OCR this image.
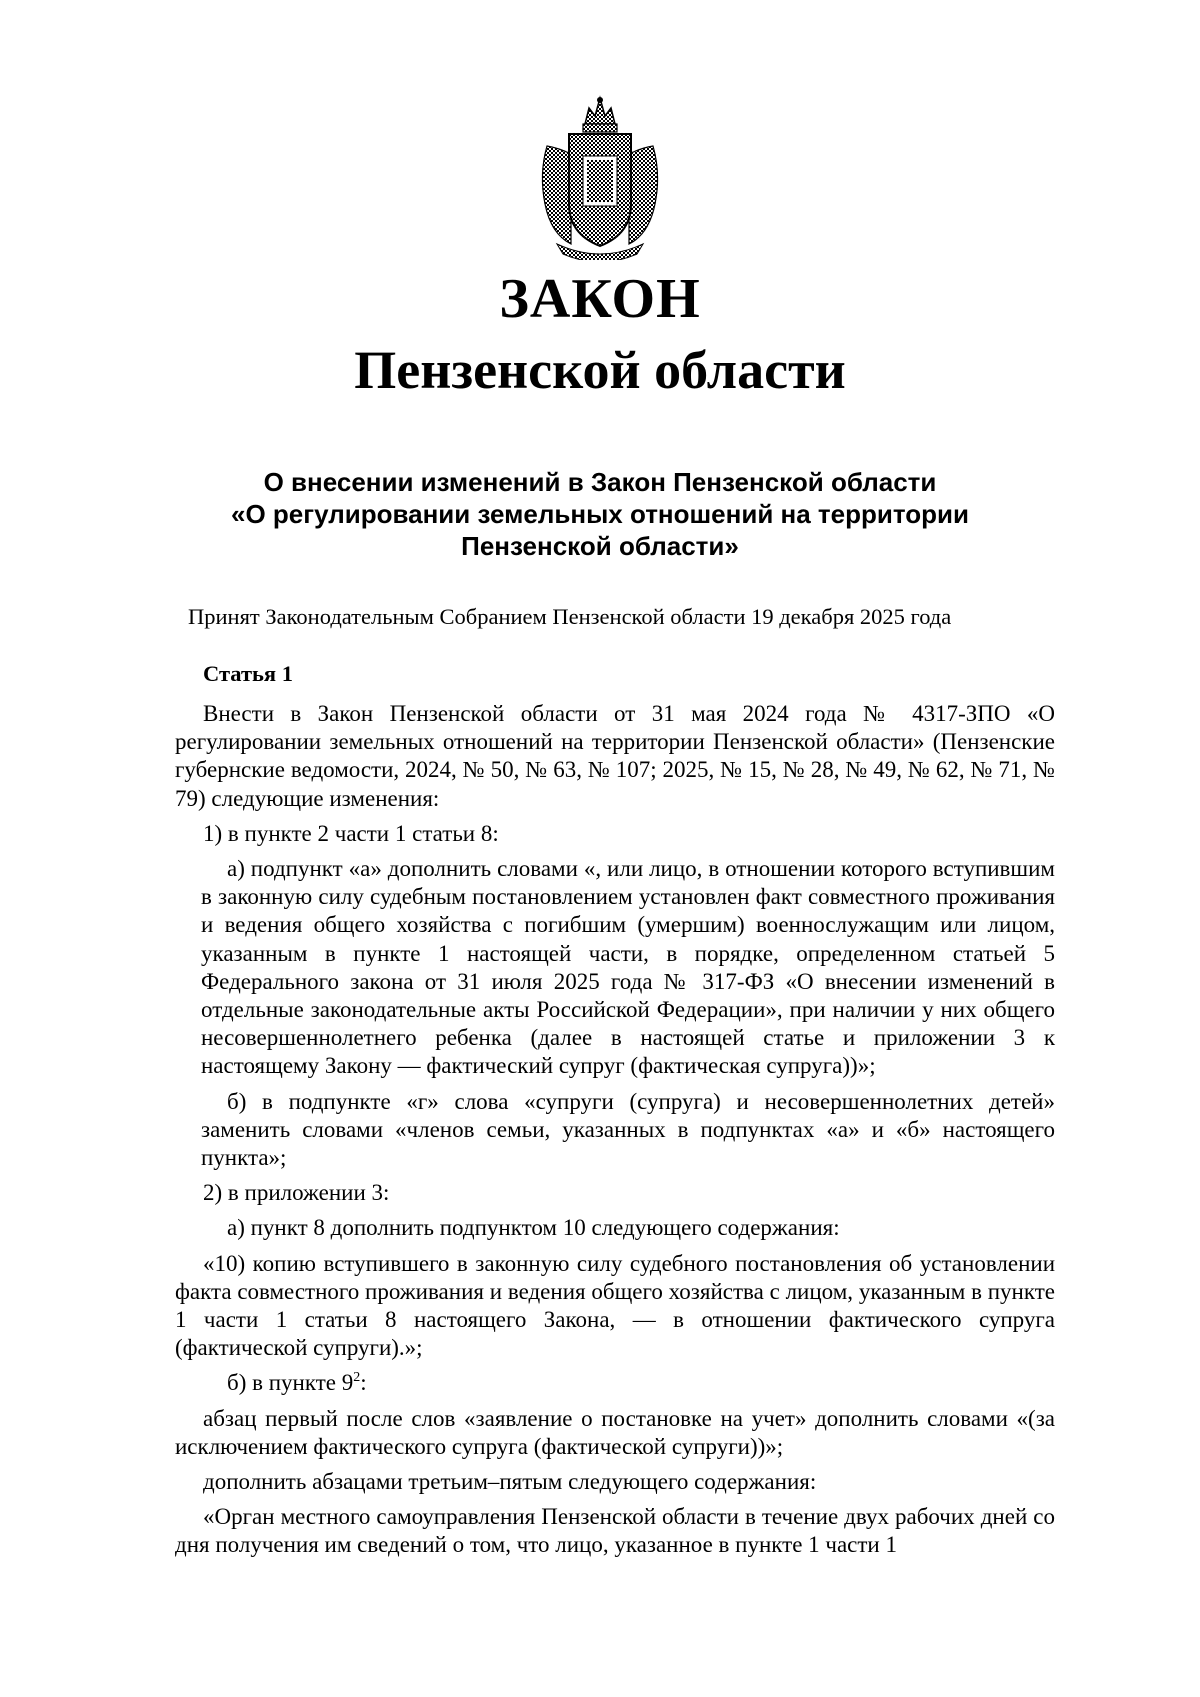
ЗАКОН
Пензенской области
О внесении изменений в Закон Пензенской области
«О регулировании земельных отношений на территории
Пензенской области»
Принят Законодательным Собранием Пензенской области 19 декабря 2025 года
Статья 1

Внести в Закон Пензенской области от 31 мая 2024 года № 4317-ЗПО «О регулировании земельных отношений на территории Пензенской области» (Пензенские губернские ведомости, 2024, № 50, № 63, № 107; 2025, № 15, № 28, № 49, № 62, № 71, № 79) следующие изменения:

1) в пункте 2 части 1 статьи 8:

а) подпункт «а» дополнить словами «, или лицо, в отношении которого вступившим в законную силу судебным постановлением установлен факт совместного проживания и ведения общего хозяйства с погибшим (умершим) военнослужащим или лицом, указанным в пункте 1 настоящей части, в порядке, определенном статьей 5 Федерального закона от 31 июля 2025 года № 317-ФЗ «О внесении изменений в отдельные законодательные акты Российской Федерации», при наличии у них общего несовершеннолетнего ребенка (далее в настоящей статье и приложении 3 к настоящему Закону — фактический супруг (фактическая супруга))»;

б) в подпункте «г» слова «супруги (супруга) и несовершеннолетних детей» заменить словами «членов семьи, указанных в подпунктах «а» и «б» настоящего пункта»;

2) в приложении 3:

а) пункт 8 дополнить подпунктом 10 следующего содержания:

«10) копию вступившего в законную силу судебного постановления об установлении факта совместного проживания и ведения общего хозяйства с лицом, указанным в пункте 1 части 1 статьи 8 настоящего Закона, — в отношении фактического супруга (фактической супруги).»;

б) в пункте $9^2$:

абзац первый после слов «заявление о постановке на учет» дополнить словами «(за исключением фактического супруга (фактической супруги))»;

дополнить абзацами третьим–пятым следующего содержания:

«Орган местного самоуправления Пензенской области в течение двух рабочих дней со дня получения им сведений о том, что лицо, указанное в пункте 1 части 1
